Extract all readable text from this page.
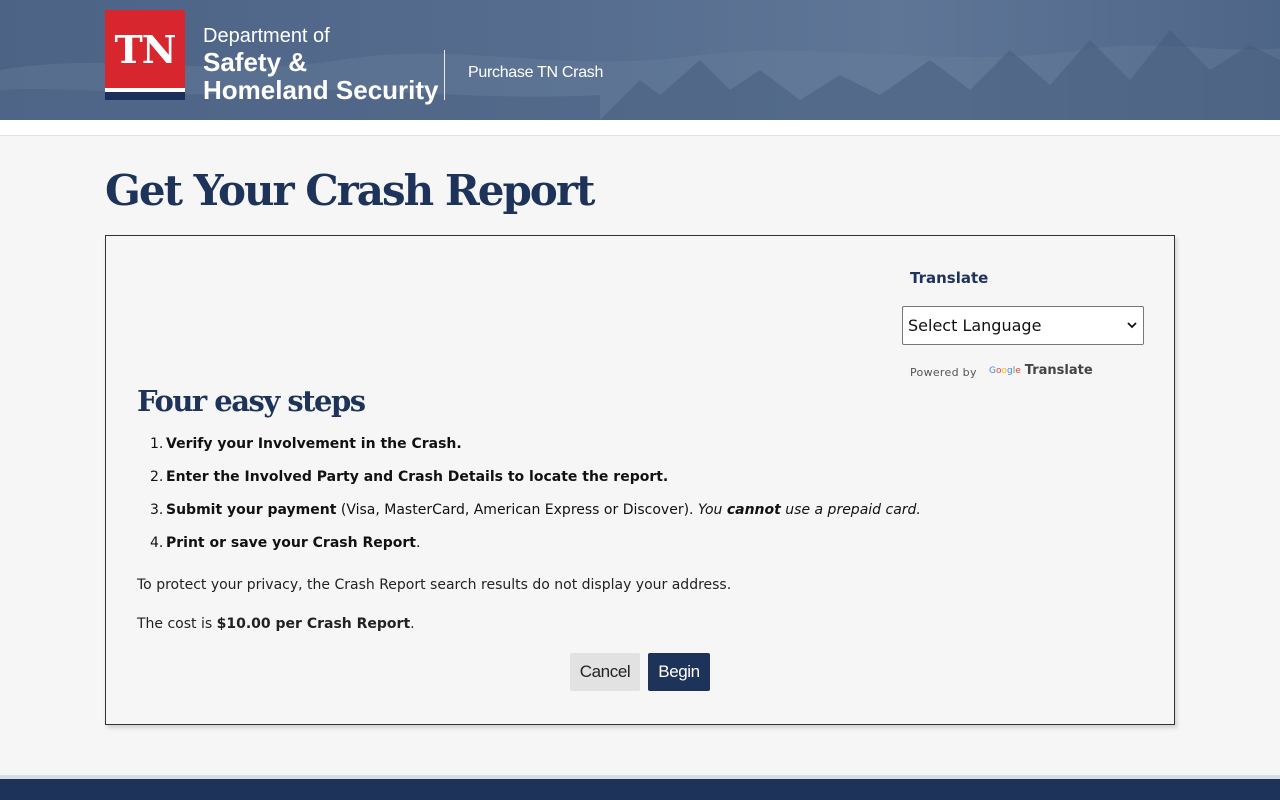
TN	Department of
Safety &
Homeland Security
Purchase TN Crash
Get Your Crash Report
Translate
Select Language
Powered by Google Translate
Four easy steps
1. Verify your Involvement in the Crash.
2. Enter the Involved Party and Crash Details to locate the report.
3. Submit your payment (Visa, MasterCard, American Express or Discover). You cannot use a prepaid card.
4. Print or save your Crash Report.

To protect your privacy, the Crash Report search results do not display your address.

The cost is $10.00 per Crash Report.

Cancel	Begin
